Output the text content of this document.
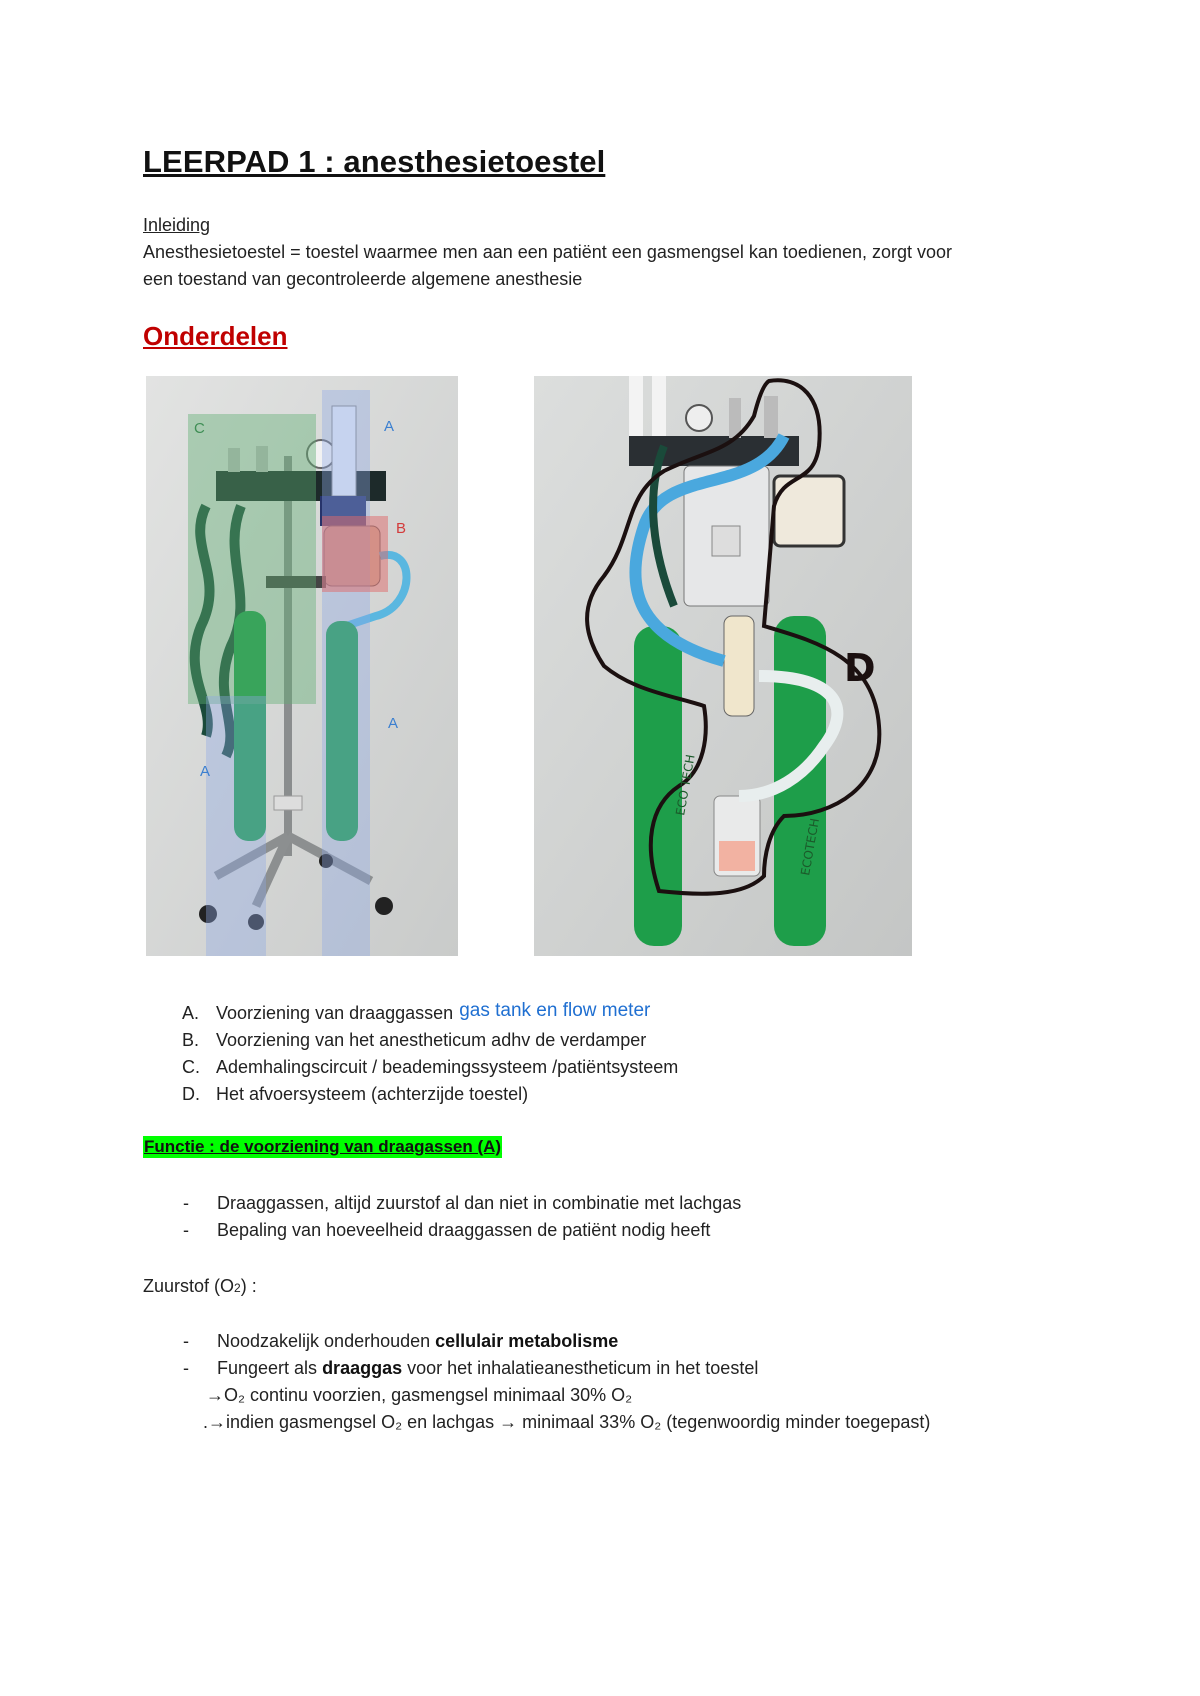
LEERPAD 1 : anesthesietoestel
Inleiding
Anesthesietoestel = toestel waarmee men aan een patiënt een gasmengsel kan toedienen, zorgt voor
een toestand van gecontroleerde algemene anesthesie
Onderdelen
C	A
B
A
A
D
ECO TECH
ECOTECH
A. Voorziening van draaggassen gas tank en flow meter
B. Voorziening van het anestheticum adhv de verdamper
C. Ademhalingscircuit / beademingssysteem /patiëntsysteem
D. Het afvoersysteem (achterzijde toestel)
Functie : de voorziening van draagassen (A)
-	Draaggassen, altijd zuurstof al dan niet in combinatie met lachgas
-	Bepaling van hoeveelheid draaggassen de patiënt nodig heeft
Zuurstof (O2) :
-	Noodzakelijk onderhouden cellulair metabolisme
-	Fungeert als draaggas voor het inhalatieanestheticum in het toestel
→O₂ continu voorzien, gasmengsel minimaal 30% O₂
.→indien gasmengsel O₂ en lachgas → minimaal 33% O₂ (tegenwoordig minder toegepast)
